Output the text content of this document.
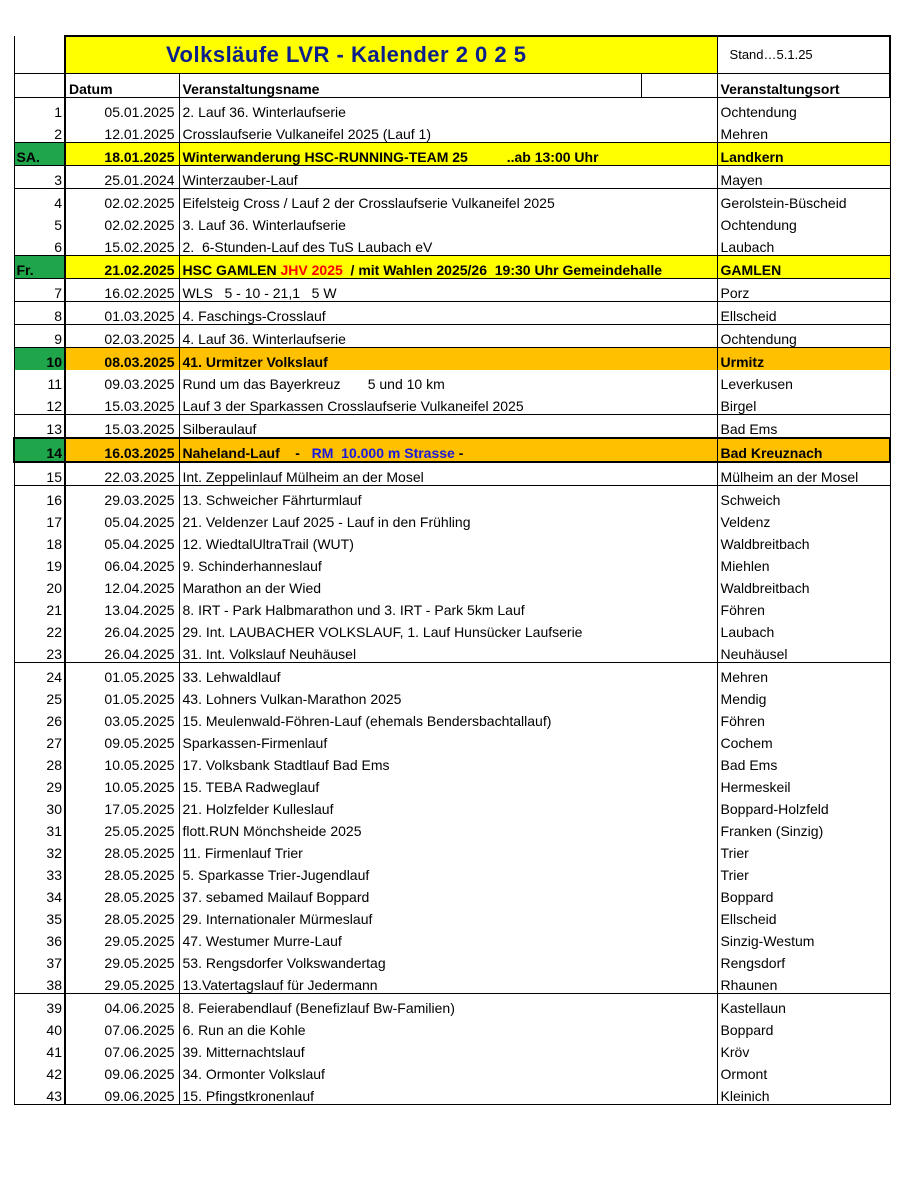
	Volksläufe LVR - Kalender 2 0 2 5			Stand…5.1.25
	Datum	Veranstaltungsname		Veranstaltungsort
1	05.01.2025	2. Lauf 36. Winterlaufserie		Ochtendung
2	12.01.2025	Crosslaufserie Vulkaneifel 2025 (Lauf 1)		Mehren
SA.	18.01.2025	Winterwanderung HSC-RUNNING-TEAM 25          ..ab 13:00 Uhr		Landkern
3	25.01.2024	Winterzauber-Lauf		Mayen
4	02.02.2025	Eifelsteig Cross / Lauf 2 der Crosslaufserie Vulkaneifel 2025		Gerolstein-Büscheid
5	02.02.2025	3. Lauf 36. Winterlaufserie		Ochtendung
6	15.02.2025	2.  6-Stunden-Lauf des TuS Laubach eV		Laubach
Fr.	21.02.2025	HSC GAMLEN JHV 2025  / mit Wahlen 2025/26  19:30 Uhr Gemeindehalle		GAMLEN
7	16.02.2025	WLS   5 - 10 - 21,1   5 W		Porz
8	01.03.2025	4. Faschings-Crosslauf		Ellscheid
9	02.03.2025	4. Lauf 36. Winterlaufserie		Ochtendung
10	08.03.2025	41. Urmitzer Volkslauf		Urmitz
11	09.03.2025	Rund um das Bayerkreuz       5 und 10 km		Leverkusen
12	15.03.2025	Lauf 3 der Sparkassen Crosslaufserie Vulkaneifel 2025		Birgel
13	15.03.2025	Silberaulauf		Bad Ems
14	16.03.2025	Naheland-Lauf    -   RM  10.000 m Strasse -		Bad Kreuznach
15	22.03.2025	Int. Zeppelinlauf Mülheim an der Mosel		Mülheim an der Mosel
16	29.03.2025	13. Schweicher Fährturmlauf		Schweich
17	05.04.2025	21. Veldenzer Lauf 2025 - Lauf in den Frühling		Veldenz
18	05.04.2025	12. WiedtalUltraTrail (WUT)		Waldbreitbach
19	06.04.2025	9. Schinderhanneslauf		Miehlen
20	12.04.2025	Marathon an der Wied		Waldbreitbach
21	13.04.2025	8. IRT - Park Halbmarathon und 3. IRT - Park 5km Lauf		Föhren
22	26.04.2025	29. Int. LAUBACHER VOLKSLAUF, 1. Lauf Hunsücker Laufserie		Laubach
23	26.04.2025	31. Int. Volkslauf Neuhäusel		Neuhäusel
24	01.05.2025	33. Lehwaldlauf		Mehren
25	01.05.2025	43. Lohners Vulkan-Marathon 2025		Mendig
26	03.05.2025	15. Meulenwald-Föhren-Lauf (ehemals Bendersbachtallauf)		Föhren
27	09.05.2025	Sparkassen-Firmenlauf		Cochem
28	10.05.2025	17. Volksbank Stadtlauf Bad Ems		Bad Ems
29	10.05.2025	15. TEBA Radweglauf		Hermeskeil
30	17.05.2025	21. Holzfelder Kulleslauf		Boppard-Holzfeld
31	25.05.2025	flott.RUN Mönchsheide 2025		Franken (Sinzig)
32	28.05.2025	11. Firmenlauf Trier		Trier
33	28.05.2025	5. Sparkasse Trier-Jugendlauf		Trier
34	28.05.2025	37. sebamed Mailauf Boppard		Boppard
35	28.05.2025	29. Internationaler Mürmeslauf		Ellscheid
36	29.05.2025	47. Westumer Murre-Lauf		Sinzig-Westum
37	29.05.2025	53. Rengsdorfer Volkswandertag		Rengsdorf
38	29.05.2025	13.Vatertagslauf für Jedermann		Rhaunen
39	04.06.2025	8. Feierabendlauf (Benefizlauf Bw-Familien)		Kastellaun
40	07.06.2025	6. Run an die Kohle		Boppard
41	07.06.2025	39. Mitternachtslauf		Kröv
42	09.06.2025	34. Ormonter Volkslauf		Ormont
43	09.06.2025	15. Pfingstkronenlauf		Kleinich
